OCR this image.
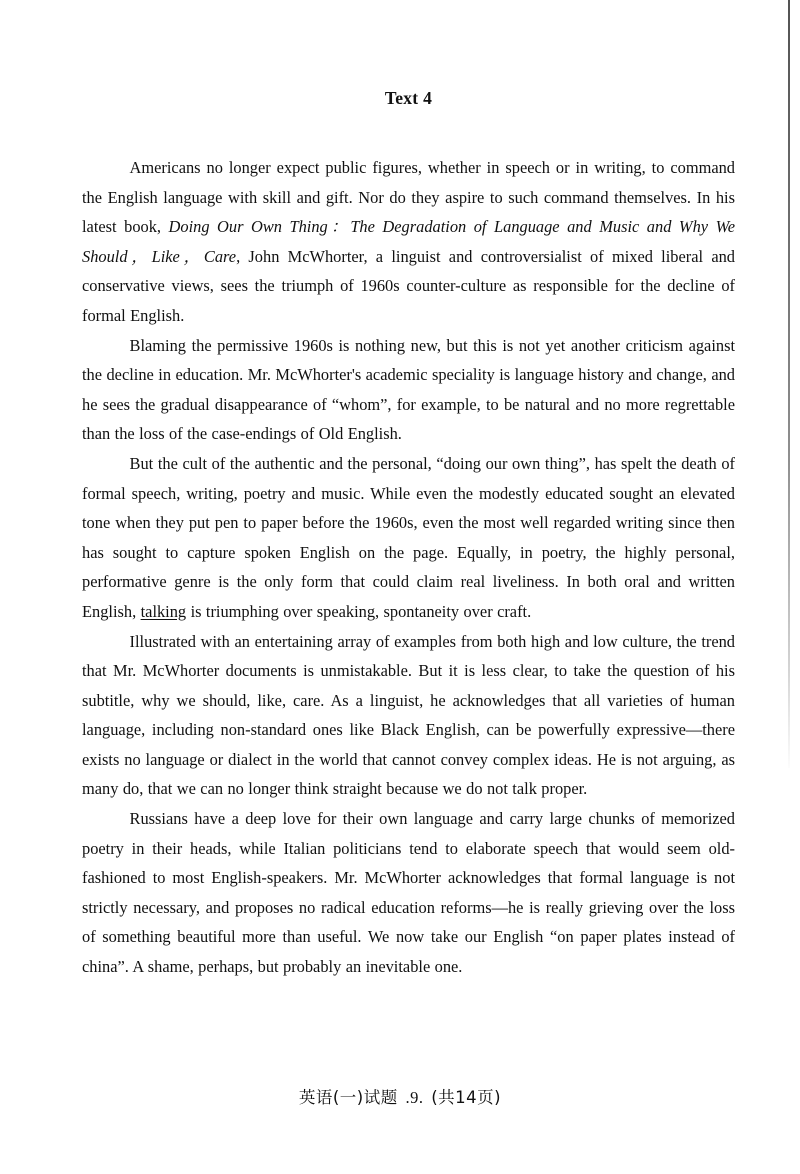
Text 4

Americans no longer expect public figures, whether in speech or in writing, to command the English language with skill and gift. Nor do they aspire to such command themselves. In his latest book, Doing Our Own Thing：The Degradation of Language and Music and Why We Should，Like，Care, John McWhorter, a linguist and controversialist of mixed liberal and conservative views, sees the triumph of 1960s counter-culture as responsible for the decline of formal English.

Blaming the permissive 1960s is nothing new, but this is not yet another criticism against the decline in education. Mr. McWhorter's academic speciality is language history and change, and he sees the gradual disappearance of “whom”, for example, to be natural and no more regrettable than the loss of the case-endings of Old English.

But the cult of the authentic and the personal, “doing our own thing”, has spelt the death of formal speech, writing, poetry and music. While even the modestly educated sought an elevated tone when they put pen to paper before the 1960s, even the most well regarded writing since then has sought to capture spoken English on the page. Equally, in poetry, the highly personal, performative genre is the only form that could claim real liveliness. In both oral and written English, talking is triumphing over speaking, spontaneity over craft.

Illustrated with an entertaining array of examples from both high and low culture, the trend that Mr. McWhorter documents is unmistakable. But it is less clear, to take the question of his subtitle, why we should, like, care. As a linguist, he acknowledges that all varieties of human language, including non-standard ones like Black English, can be powerfully expressive—there exists no language or dialect in the world that cannot convey complex ideas. He is not arguing, as many do, that we can no longer think straight because we do not talk proper.

Russians have a deep love for their own language and carry large chunks of memorized poetry in their heads, while Italian politicians tend to elaborate speech that would seem old-fashioned to most English-speakers. Mr. McWhorter acknowledges that formal language is not strictly necessary, and proposes no radical education reforms—he is really grieving over the loss of something beautiful more than useful. We now take our English “on paper plates instead of china”. A shame, perhaps, but probably an inevitable one.

英语(一)试题 .9. (共14页)
